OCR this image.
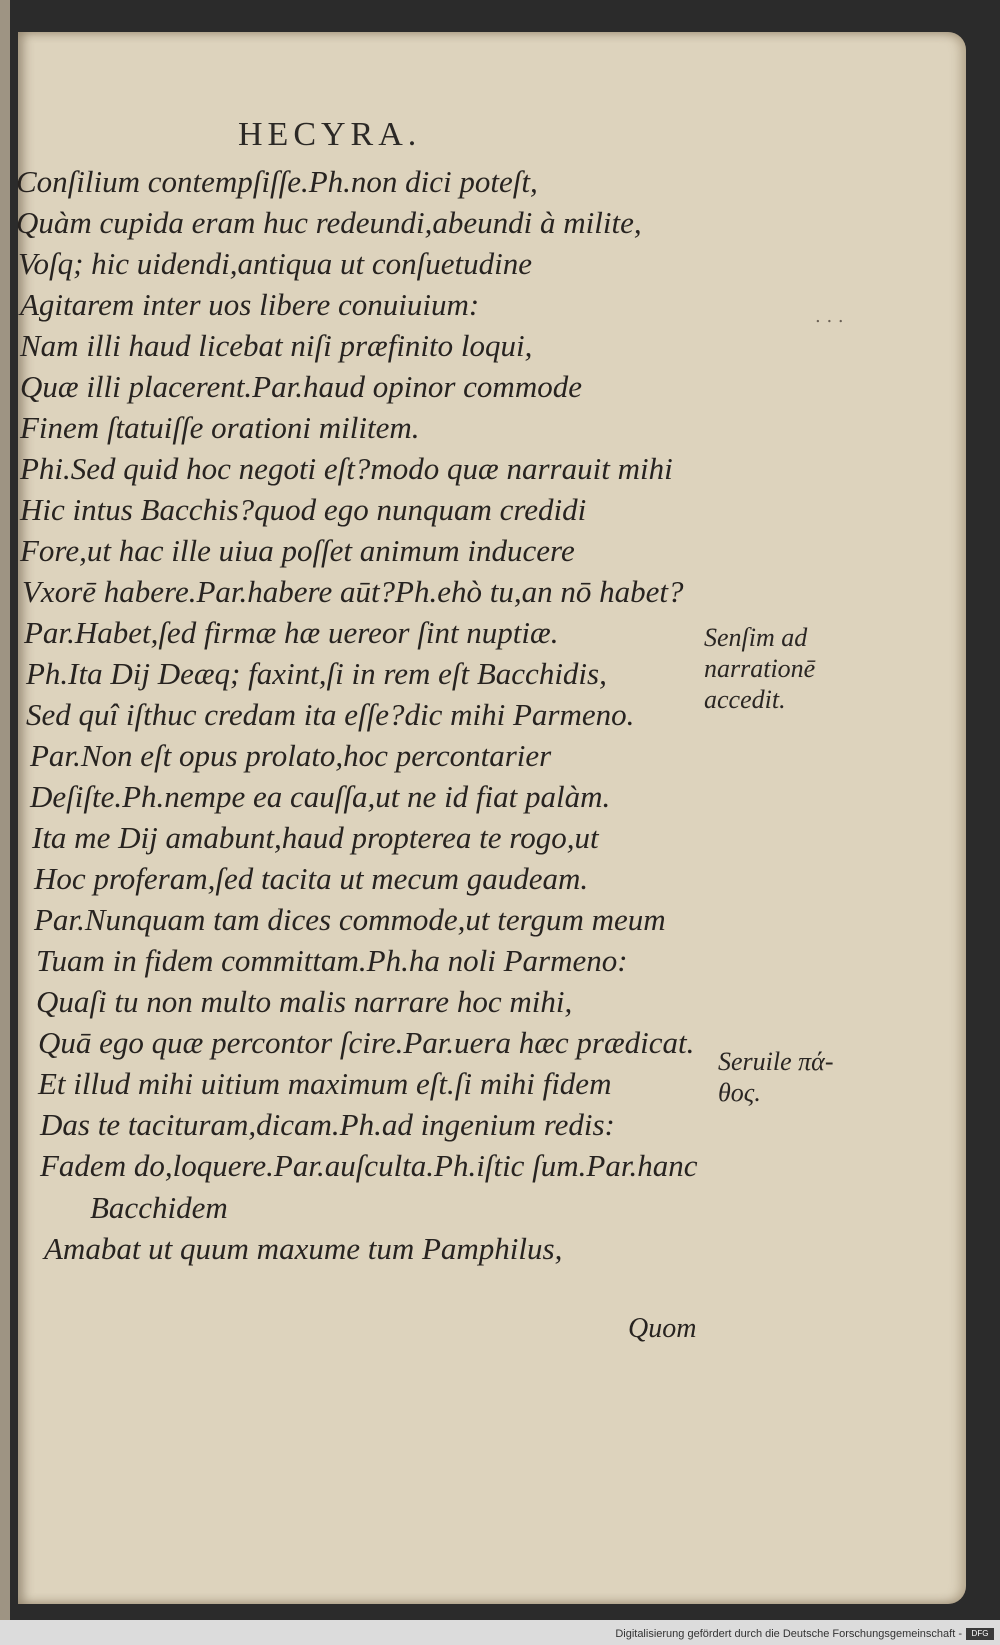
HECYRA.
Conſilium contempſiſſe.Ph.non dici poteſt,
Quàm cupida eram huc redeundi,abeundi à milite,
Voſq; hic uidendi,antiqua ut conſuetudine
Agitarem inter uos libere conuiuium:
Nam illi haud licebat niſi præfinito loqui,
Quæ illi placerent.Par.haud opinor commode
Finem ſtatuiſſe orationi militem.
Phi.Sed quid hoc negoti eſt?modo quæ narrauit mihi
Hic intus Bacchis?quod ego nunquam credidi
Fore,ut hac ille uiua poſſet animum inducere
Vxorē habere.Par.habere aūt?Ph.ehò tu,an nō habet?
Par.Habet,ſed firmæ hæ uereor ſint nuptiæ.
Ph.Ita Dij Deæq; faxint,ſi in rem eſt Bacchidis,
Sed quî iſthuc credam ita eſſe?dic mihi Parmeno.
Par.Non eſt opus prolato,hoc percontarier
Deſiſte.Ph.nempe ea cauſſa,ut ne id fiat palàm.
Ita me Dij amabunt,haud propterea te rogo,ut
Hoc proferam,ſed tacita ut mecum gaudeam.
Par.Nunquam tam dices commode,ut tergum meum
Tuam in fidem committam.Ph.ha noli Parmeno:
Quaſi tu non multo malis narrare hoc mihi,
Quā ego quæ percontor ſcire.Par.uera hæc prædicat.
Et illud mihi uitium maximum eſt.ſi mihi fidem
Das te tacituram,dicam.Ph.ad ingenium redis:
Fadem do,loquere.Par.auſculta.Ph.iſtic ſum.Par.hanc
Bacchidem
Amabat ut quum maxume tum Pamphilus,
. . .
Senſim ad
narrationē
accedit.
Seruile πά-
θος.
Quom
Digitalisierung gefördert durch die Deutsche Forschungsgemeinschaft -	DFG
